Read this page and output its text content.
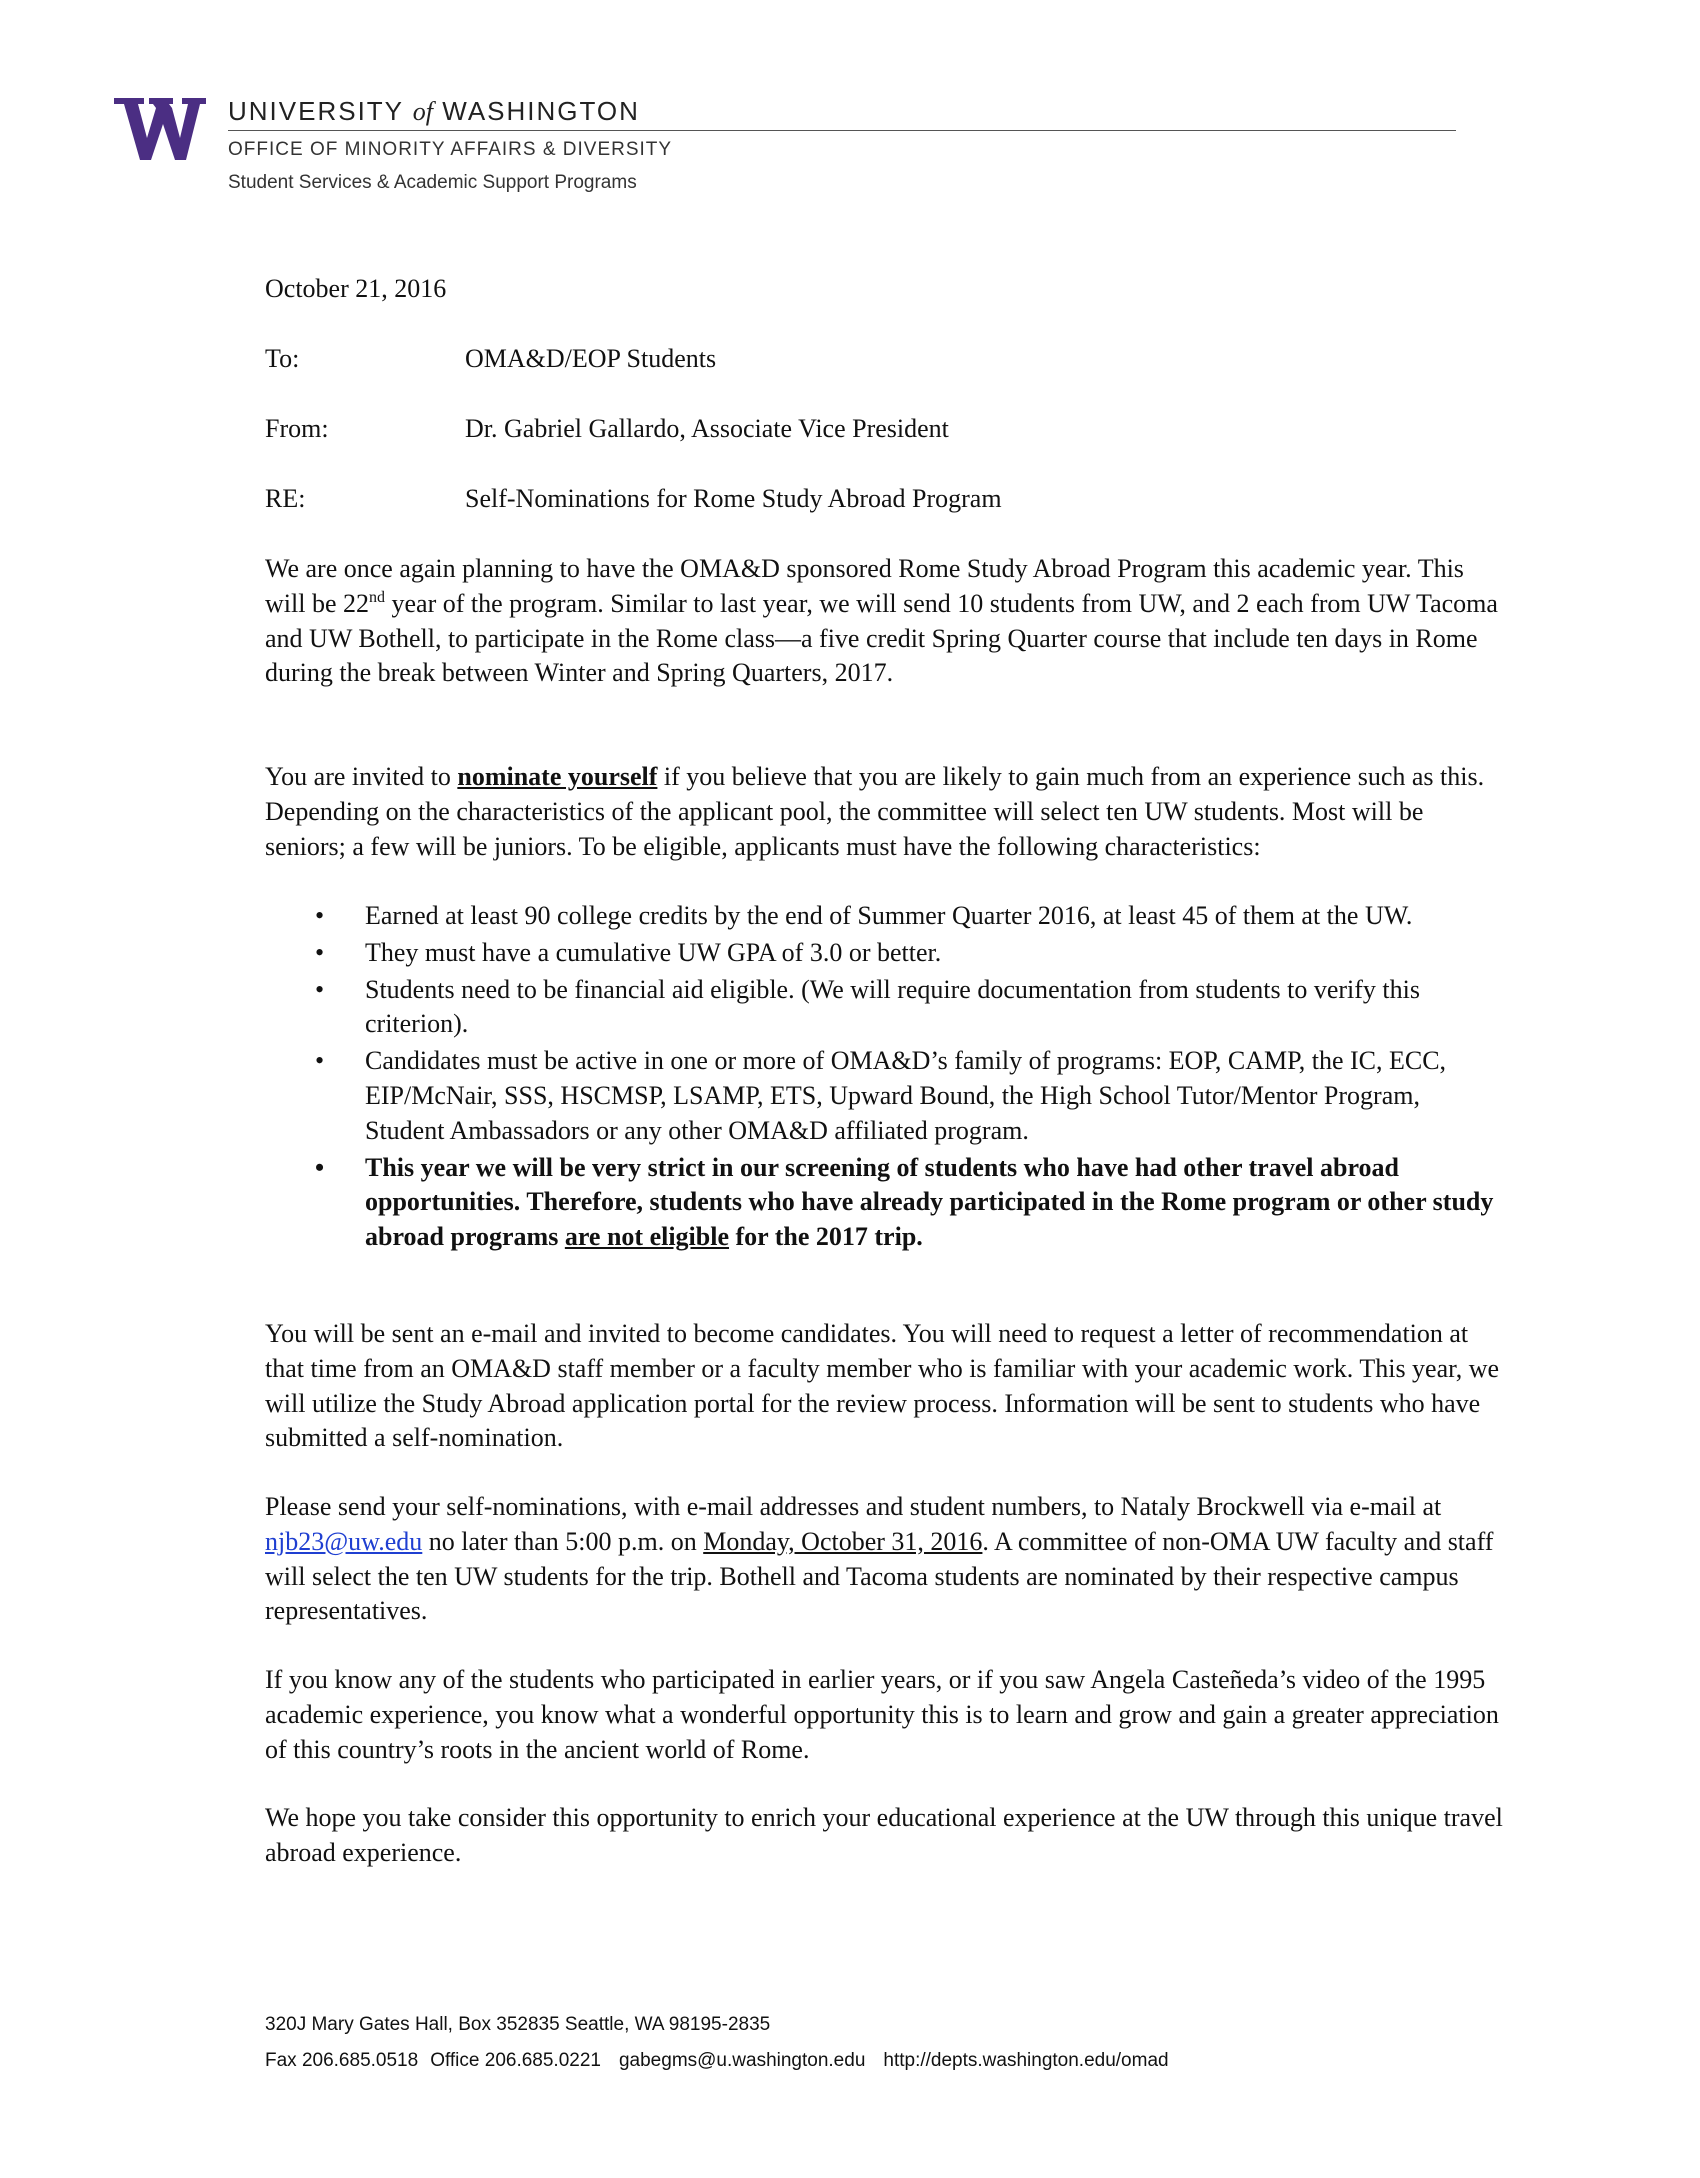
UNIVERSITY of WASHINGTON
OFFICE OF MINORITY AFFAIRS & DIVERSITY
Student Services & Academic Support Programs
October 21, 2016
To:	OMA&D/EOP Students
From:	Dr. Gabriel Gallardo, Associate Vice President
RE:	Self-Nominations for Rome Study Abroad Program

We are once again planning to have the OMA&D sponsored Rome Study Abroad Program this academic year. This will be 22nd year of the program. Similar to last year, we will send 10 students from UW, and 2 each from UW Tacoma and UW Bothell, to participate in the Rome class—a five credit Spring Quarter course that include ten days in Rome during the break between Winter and Spring Quarters, 2017.

You are invited to nominate yourself if you believe that you are likely to gain much from an experience such as this. Depending on the characteristics of the applicant pool, the committee will select ten UW students. Most will be seniors; a few will be juniors. To be eligible, applicants must have the following characteristics:

• Earned at least 90 college credits by the end of Summer Quarter 2016, at least 45 of them at the UW.
• They must have a cumulative UW GPA of 3.0 or better.
• Students need to be financial aid eligible. (We will require documentation from students to verify this criterion).
• Candidates must be active in one or more of OMA&D’s family of programs: EOP, CAMP, the IC, ECC, EIP/McNair, SSS, HSCMSP, LSAMP, ETS, Upward Bound, the High School Tutor/Mentor Program, Student Ambassadors or any other OMA&D affiliated program.
• This year we will be very strict in our screening of students who have had other travel abroad opportunities. Therefore, students who have already participated in the Rome program or other study abroad programs are not eligible for the 2017 trip.

You will be sent an e-mail and invited to become candidates. You will need to request a letter of recommendation at that time from an OMA&D staff member or a faculty member who is familiar with your academic work. This year, we will utilize the Study Abroad application portal for the review process. Information will be sent to students who have submitted a self-nomination.

Please send your self-nominations, with e-mail addresses and student numbers, to Nataly Brockwell via e-mail at njb23@uw.edu no later than 5:00 p.m. on Monday, October 31, 2016. A committee of non-OMA UW faculty and staff will select the ten UW students for the trip. Bothell and Tacoma students are nominated by their respective campus representatives.

If you know any of the students who participated in earlier years, or if you saw Angela Casteñeda’s video of the 1995 academic experience, you know what a wonderful opportunity this is to learn and grow and gain a greater appreciation of this country’s roots in the ancient world of Rome.

We hope you take consider this opportunity to enrich your educational experience at the UW through this unique travel abroad experience.

320J Mary Gates Hall, Box 352835 Seattle, WA 98195-2835
Fax 206.685.0518 Office 206.685.0221 gabegms@u.washington.edu http://depts.washington.edu/omad
